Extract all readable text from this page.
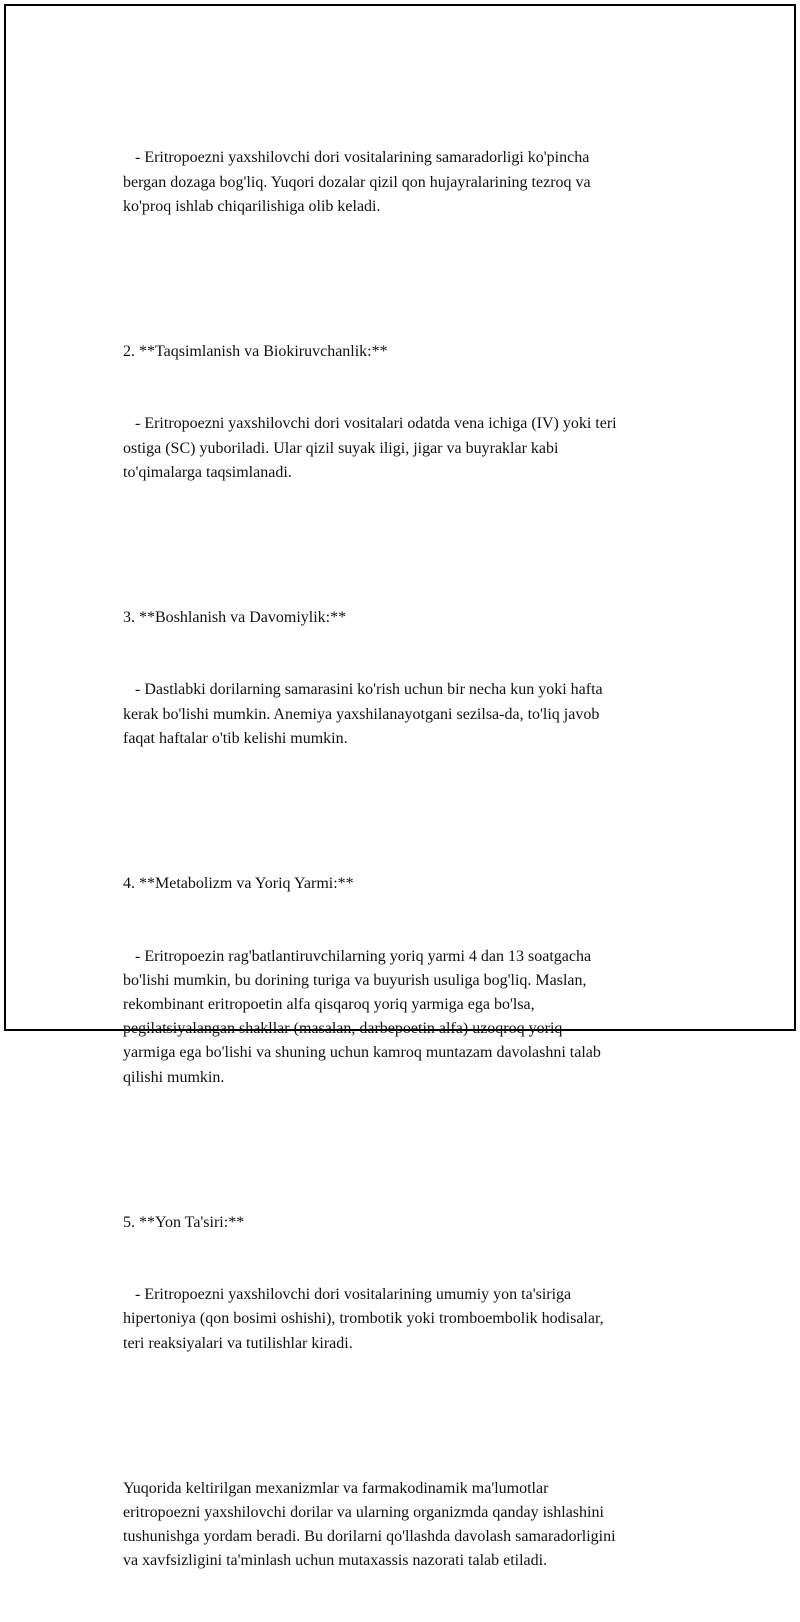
- Eritropoezni yaxshilovchi dori vositalarining samaradorligi ko'pincha
bergan dozaga bog'liq. Yuqori dozalar qizil qon hujayralarining tezroq va
ko'proq ishlab chiqarilishiga olib keladi.

2. **Taqsimlanish va Biokiruvchanlik:**

- Eritropoezni yaxshilovchi dori vositalari odatda vena ichiga (IV) yoki teri
ostiga (SC) yuboriladi. Ular qizil suyak iligi, jigar va buyraklar kabi
to'qimalarga taqsimlanadi.

3. **Boshlanish va Davomiylik:**

- Dastlabki dorilarning samarasini ko'rish uchun bir necha kun yoki hafta
kerak bo'lishi mumkin. Anemiya yaxshilanayotgani sezilsa-da, to'liq javob
faqat haftalar o'tib kelishi mumkin.

4. **Metabolizm va Yoriq Yarmi:**

- Eritropoezin rag'batlantiruvchilarning yoriq yarmi 4 dan 13 soatgacha
bo'lishi mumkin, bu dorining turiga va buyurish usuliga bog'liq. Maslan,
rekombinant eritropoetin alfa qisqaroq yoriq yarmiga ega bo'lsa,
pegilatsiyalangan shakllar (masalan, darbepoetin alfa) uzoqroq yoriq
yarmiga ega bo'lishi va shuning uchun kamroq muntazam davolashni talab
qilishi mumkin.

5. **Yon Ta'siri:**

- Eritropoezni yaxshilovchi dori vositalarining umumiy yon ta'siriga
hipertoniya (qon bosimi oshishi), trombotik yoki tromboembolik hodisalar,
teri reaksiyalari va tutilishlar kiradi.

Yuqorida keltirilgan mexanizmlar va farmakodinamik ma'lumotlar
eritropoezni yaxshilovchi dorilar va ularning organizmda qanday ishlashini
tushunishga yordam beradi. Bu dorilarni qo'llashda davolash samaradorligini
va xavfsizligini ta'minlash uchun mutaxassis nazorati talab etiladi.
